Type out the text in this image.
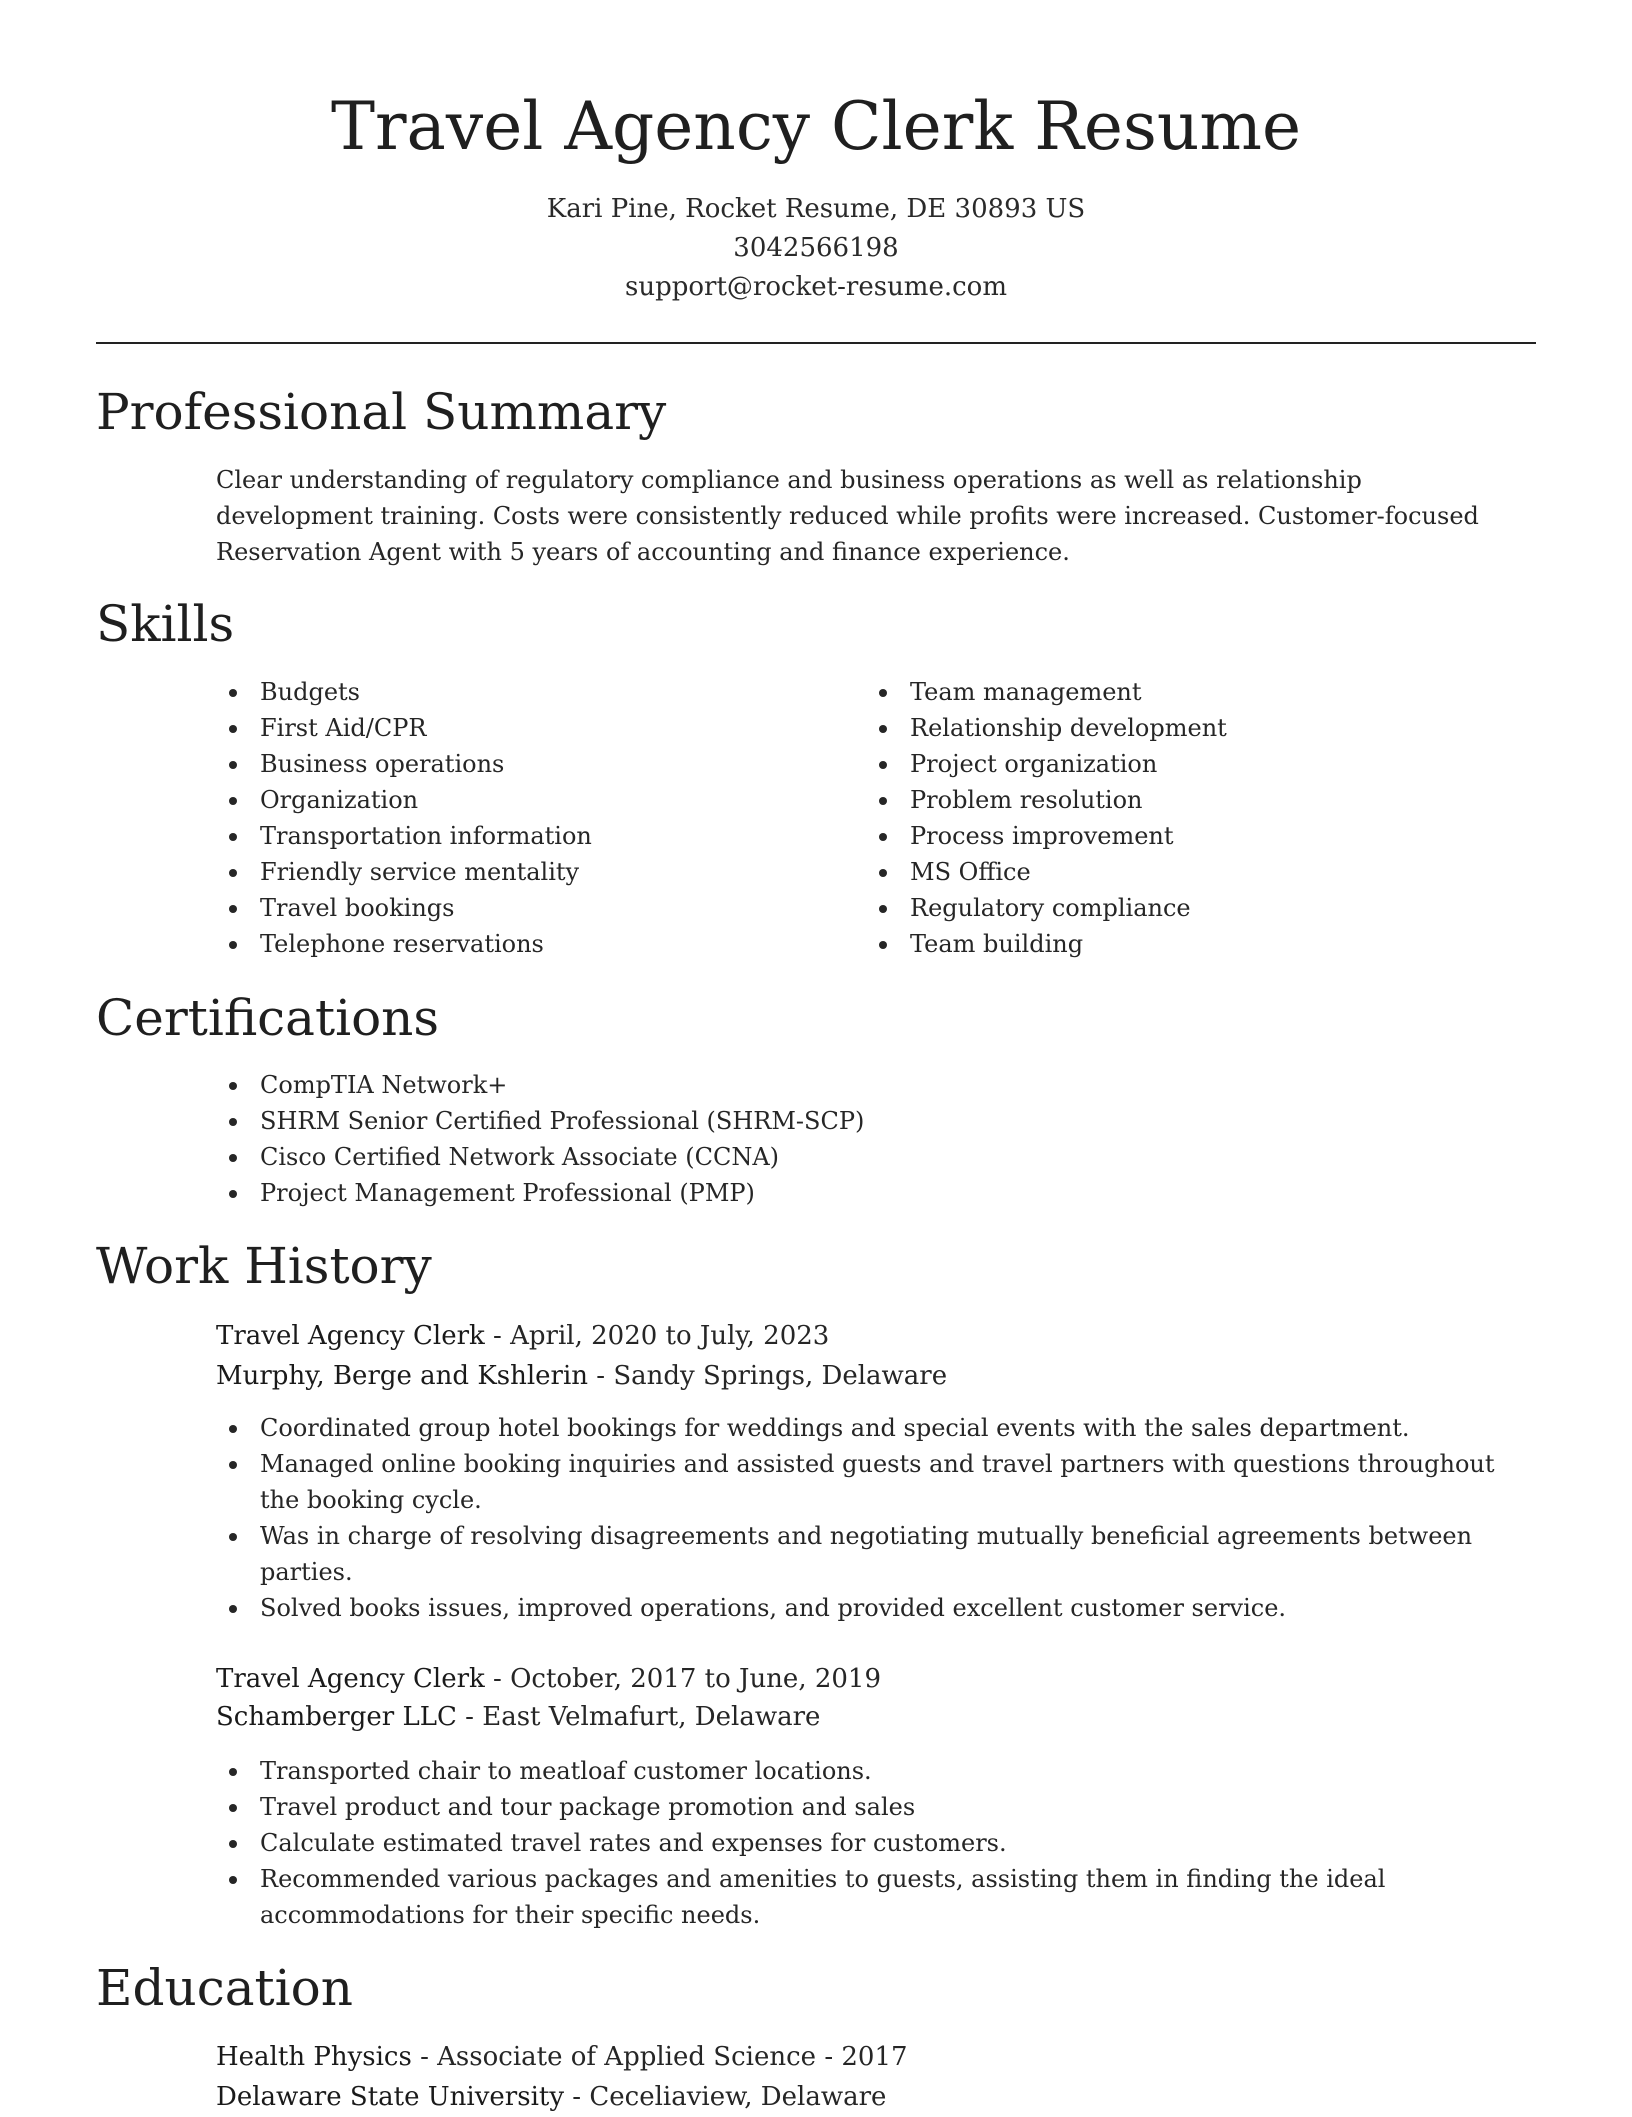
Travel Agency Clerk Resume
Kari Pine, Rocket Resume, DE 30893 US
3042566198
support@rocket-resume.com
Professional Summary

Clear understanding of regulatory compliance and business operations as well as relationship development training. Costs were consistently reduced while profits were increased. Customer-focused Reservation Agent with 5 years of accounting and finance experience.

Skills
Budgets
First Aid/CPR
Business operations
Organization
Transportation information
Friendly service mentality
Travel bookings
Telephone reservations
Team management
Relationship development
Project organization
Problem resolution
Process improvement
MS Office
Regulatory compliance
Team building
Certifications
CompTIA Network+
SHRM Senior Certified Professional (SHRM-SCP)
Cisco Certified Network Associate (CCNA)
Project Management Professional (PMP)
Work History
Travel Agency Clerk - April, 2020 to July, 2023
Murphy, Berge and Kshlerin - Sandy Springs, Delaware
Coordinated group hotel bookings for weddings and special events with the sales department.
Managed online booking inquiries and assisted guests and travel partners with questions throughout the booking cycle.
Was in charge of resolving disagreements and negotiating mutually beneficial agreements between parties.
Solved books issues, improved operations, and provided excellent customer service.
Travel Agency Clerk - October, 2017 to June, 2019
Schamberger LLC - East Velmafurt, Delaware
Transported chair to meatloaf customer locations.
Travel product and tour package promotion and sales
Calculate estimated travel rates and expenses for customers.
Recommended various packages and amenities to guests, assisting them in finding the ideal accommodations for their specific needs.
Education
Health Physics - Associate of Applied Science - 2017
Delaware State University - Ceceliaview, Delaware
